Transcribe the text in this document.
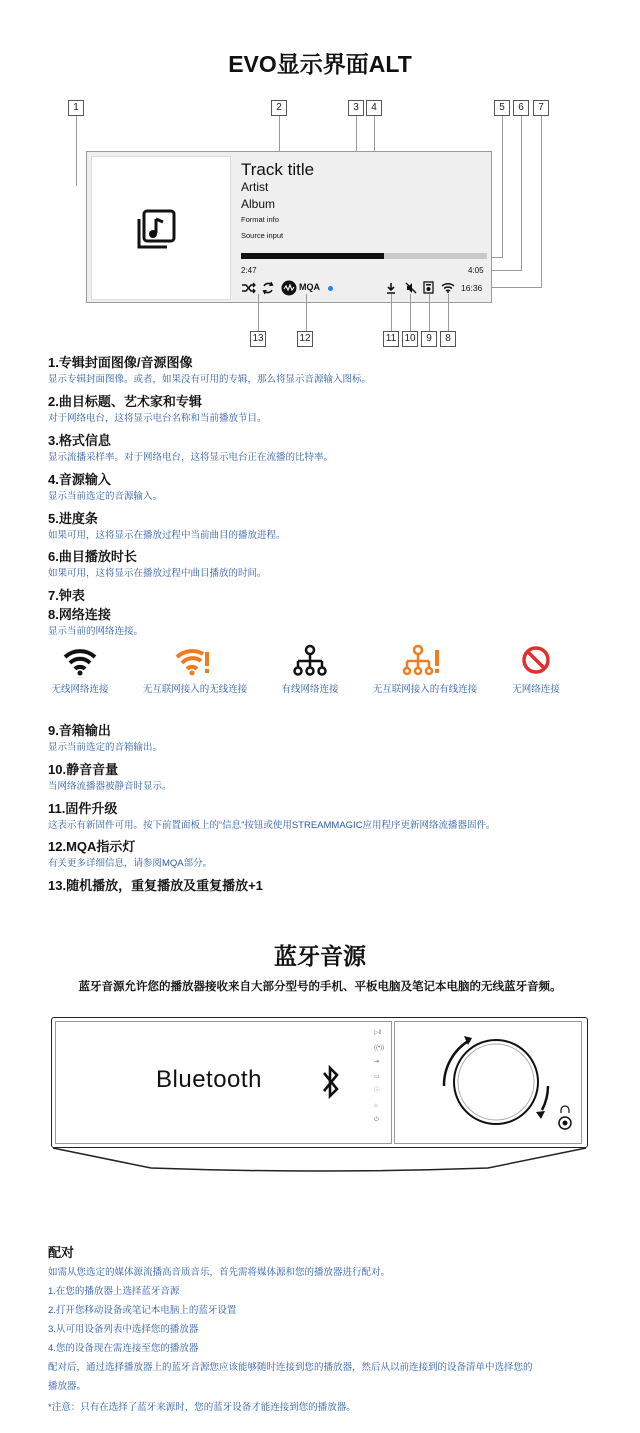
EVO显示界面ALT
1	2	3	4	5	6	7
Track title
Artist
Album
Format info
Source input
2:47	4:05
MQA	16:36
13	12	11 10	9	8
1.专辑封面图像/音源图像
显示专辑封面图像。或者，如果没有可用的专辑，那么将显示音源输入图标。
2.曲目标题、艺术家和专辑
对于网络电台，这将显示电台名称和当前播放节目。
3.格式信息
显示流播采样率。对于网络电台，这将显示电台正在流播的比特率。
4.音源输入
显示当前选定的音源输入。
5.进度条
如果可用，这将显示在播放过程中当前曲目的播放进程。
6.曲目播放时长
如果可用，这将显示在播放过程中曲目播放的时间。
7.钟表
8.网络连接
显示当前的网络连接。
无线网络连接	无互联网接入的无线连接	有线网络连接	无互联网接入的有线连接	无网络连接
9.音箱输出
显示当前选定的音箱输出。
10.静音音量
当网络流播器被静音时显示。
11.固件升级
这表示有新固件可用。按下前置面板上的“信息”按钮或使用STREAMMAGIC应用程序更新网络流播器固件。
12.MQA指示灯
有关更多详细信息，请参阅MQA部分。
13.随机播放，重复播放及重复播放+1
蓝牙音源
蓝牙音源允许您的播放器接收来自大部分型号的手机、平板电脑及笔记本电脑的无线蓝牙音频。
Bluetooth
▷‖
((•))
⇥
▭
ⓘ
⌂
⏻
配对
如需从您选定的媒体源流播高音质音乐，首先需将媒体源和您的播放器进行配对。
1.在您的播放器上选择蓝牙音源
2.打开您移动设备或笔记本电脑上的蓝牙设置
3.从可用设备列表中选择您的播放器
4.您的设备现在需连接至您的播放器
配对后，通过选择播放器上的蓝牙音源您应该能够随时连接到您的播放器，然后从以前连接到的设备清单中选择您的
播放器。
*注意：只有在选择了蓝牙来源时，您的蓝牙设备才能连接到您的播放器。
